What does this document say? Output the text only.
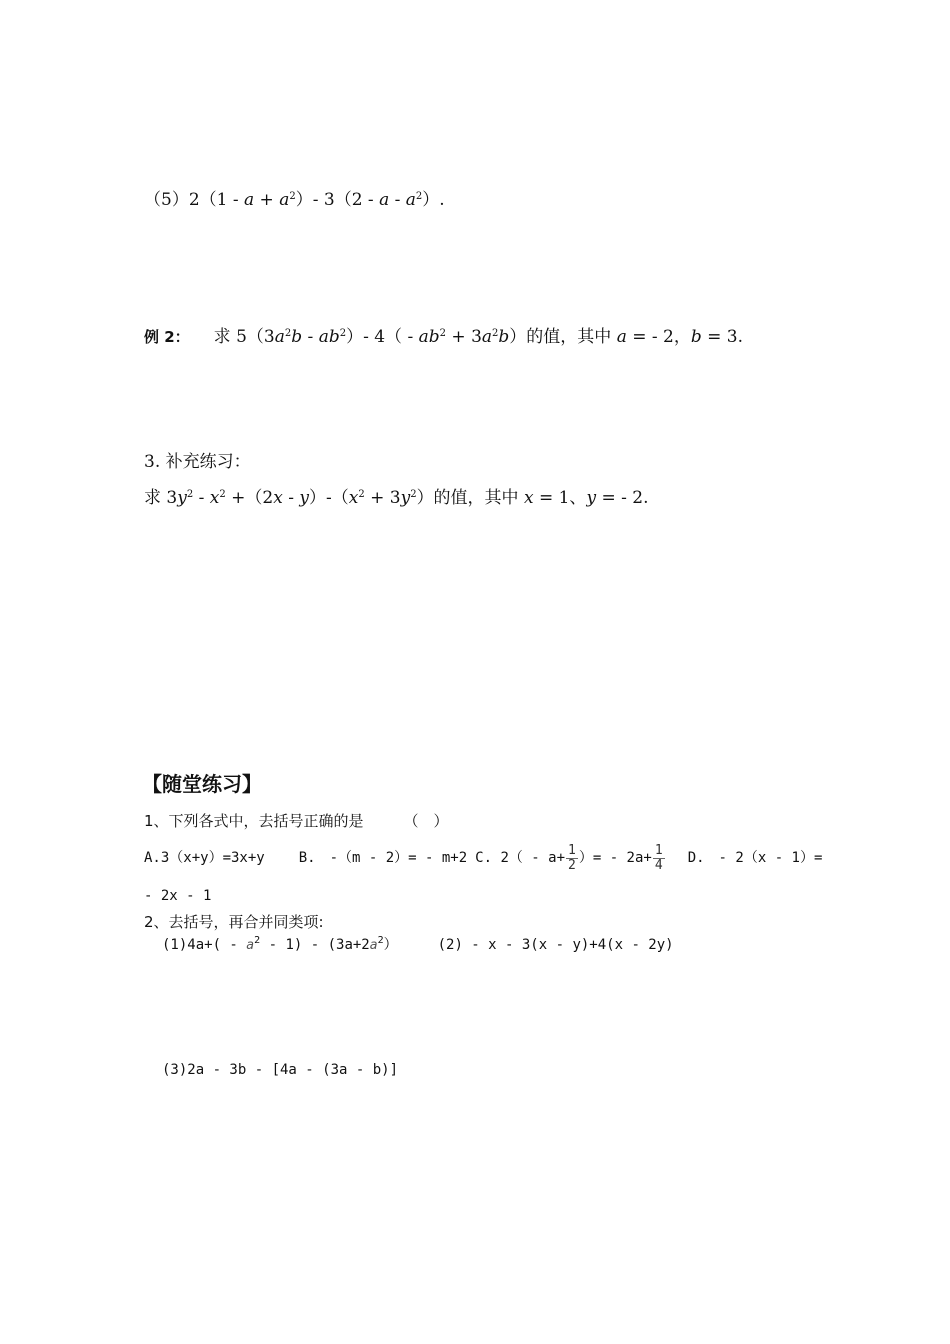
$(5)2(1 - a + a^2)-$ 3（2 - a - $a^2$）.
例 2： 求 $5(3a^2b - ab^2)-$ $4( - ab^2 + 3a^2b)$的值，其中 a = - 2，b = 3.
3. 补充练习：
求 $3y^2 - x^2 +(2x - y)-(x^2 + 3y^2)$的值，其中 x = 1、y = - 2.
【随堂练习】
1、下列各式中，去括号正确的是	（　）
A.3（x+y）=3x+y B.　-（m - 2）= - m+2 C. $2( - a+ \frac{1}{2}$ ）= - $2a+ \frac{1}{4} D$.　- 2（x - 1）=
- 2x - 1
2、去括号，再合并同类项:
$(1)4a+( - a^2 - 1) - (3a+2a^2)$	(2) - x - 3(x - y)+4(x - 2y)
(3)2a - 3b - [4a - (3a - b)]
